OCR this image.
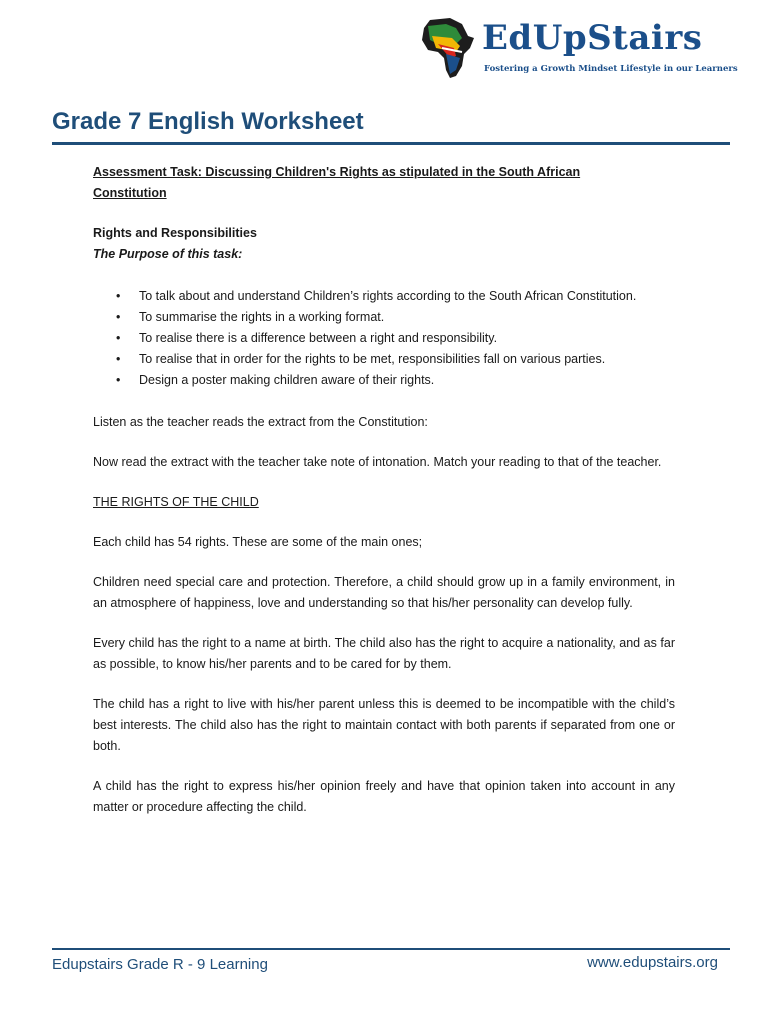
EdUpStairs
Fostering a Growth Mindset Lifestyle in our Learners
Grade 7 English Worksheet

Assessment Task: Discussing Children's Rights as stipulated in the South African
Constitution

Rights and Responsibilities

The Purpose of this task:

• To talk about and understand Children’s rights according to the South African Constitution.
• To summarise the rights in a working format.
• To realise there is a difference between a right and responsibility.
• To realise that in order for the rights to be met, responsibilities fall on various parties.
• Design a poster making children aware of their rights.

Listen as the teacher reads the extract from the Constitution:

Now read the extract with the teacher take note of intonation. Match your reading to that of the teacher.

THE RIGHTS OF THE CHILD

Each child has 54 rights. These are some of the main ones;

Children need special care and protection. Therefore, a child should grow up in a family environment, in an atmosphere of happiness, love and understanding so that his/her personality can develop fully.

Every child has the right to a name at birth. The child also has the right to acquire a nationality, and as far as possible, to know his/her parents and to be cared for by them.

The child has a right to live with his/her parent unless this is deemed to be incompatible with the child’s best interests. The child also has the right to maintain contact with both parents if separated from one or both.

A child has the right to express his/her opinion freely and have that opinion taken into account in any matter or procedure affecting the child.

Edupstairs Grade R - 9 Learning	www.edupstairs.org
